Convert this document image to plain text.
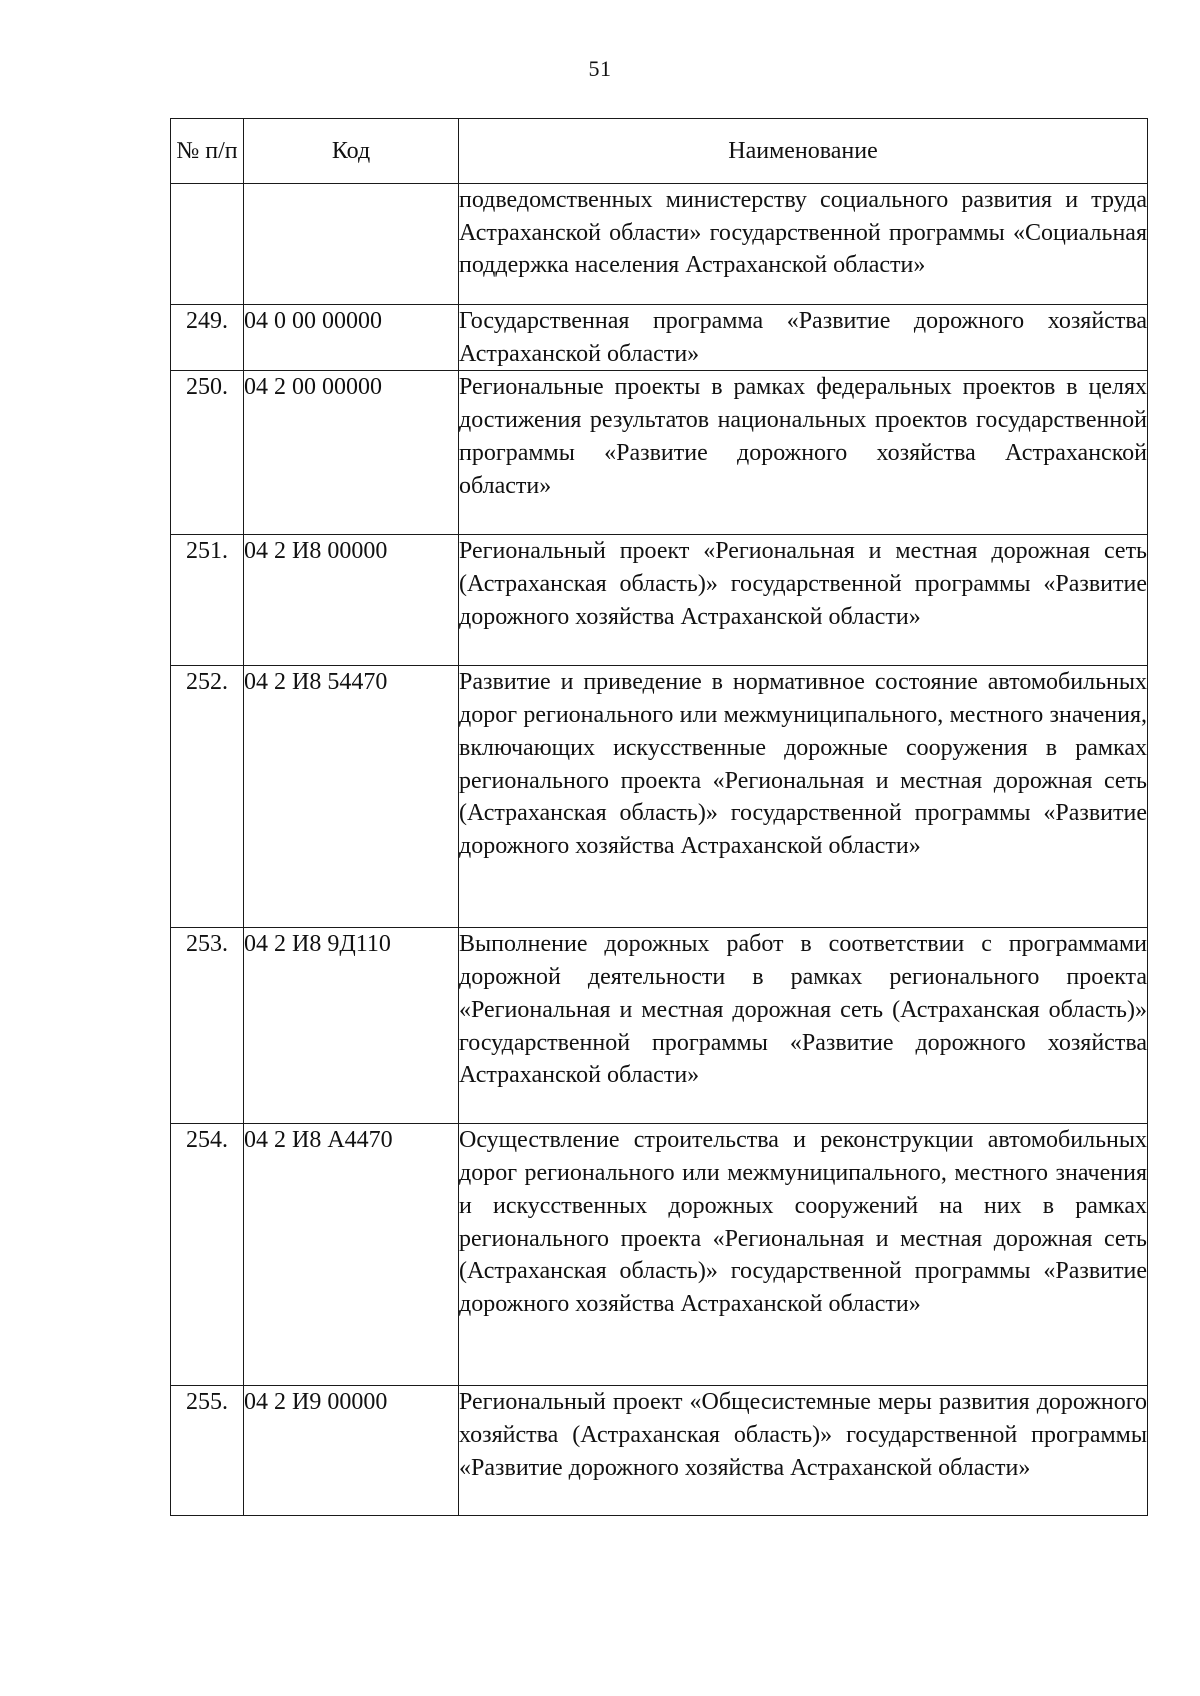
51
№ п/п	Код	Наименование
		подведомственных министерству социального развития и труда Астраханской области» государственной программы «Социальная поддержка населения Астраханской области»
249.	04 0 00 00000	Государственная программа «Развитие дорожного хозяйства Астраханской области»
250.	04 2 00 00000	Региональные проекты в рамках федеральных проектов в целях достижения результатов национальных проектов государственной программы «Развитие дорожного хозяйства Астраханской области»
251.	04 2 И8 00000	Региональный проект «Региональная и местная дорожная сеть (Астраханская область)» государственной программы «Развитие дорожного хозяйства Астраханской области»
252.	04 2 И8 54470	Развитие и приведение в нормативное состояние автомобильных дорог регионального или межмуниципального, местного значения, включающих искусственные дорожные сооружения в рамках регионального проекта «Региональная и местная дорожная сеть (Астраханская область)» государственной программы «Развитие дорожного хозяйства Астраханской области»
253.	04 2 И8 9Д110	Выполнение дорожных работ в соответствии с программами дорожной деятельности в рамках регионального проекта «Региональная и местная дорожная сеть (Астраханская область)» государственной программы «Развитие дорожного хозяйства Астраханской области»
254.	04 2 И8 А4470	Осуществление строительства и реконструкции автомобильных дорог регионального или межмуниципального, местного значения и искусственных дорожных сооружений на них в рамках регионального проекта «Региональная и местная дорожная сеть (Астраханская область)» государственной программы «Развитие дорожного хозяйства Астраханской области»
255.	04 2 И9 00000	Региональный проект «Общесистемные меры развития дорожного хозяйства (Астраханская область)» государственной программы «Развитие дорожного хозяйства Астраханской области»
